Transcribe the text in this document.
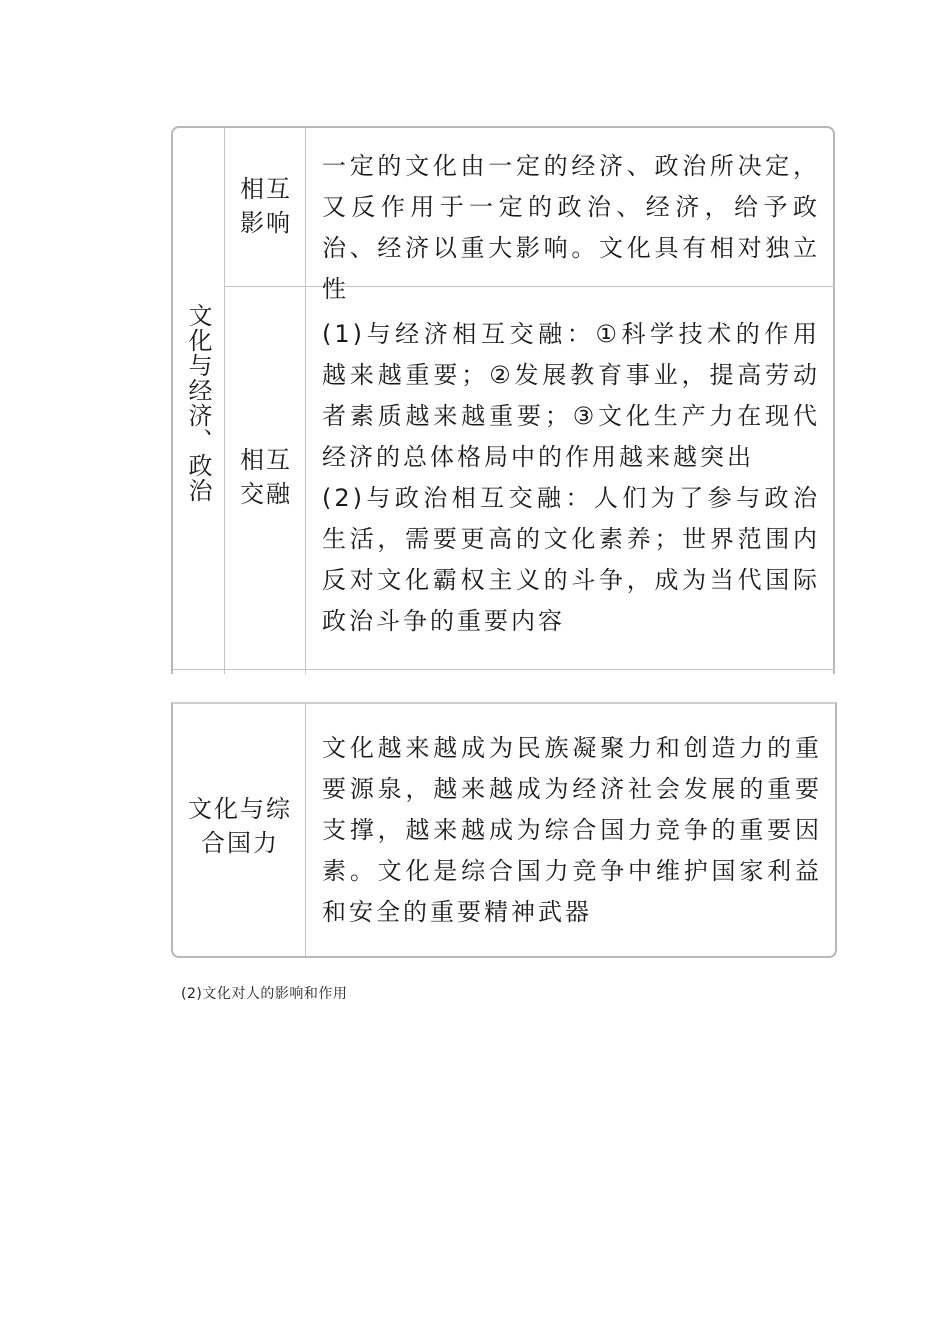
文化与经济、政治
相互
影响
一定的文化由一定的经济、政治所决定，又反作用于一定的政治、经济，给予政治、经济以重大影响。文化具有相对独立性
相互
交融

(1)与经济相互交融：①科学技术的作用越来越重要；②发展教育事业，提高劳动者素质越来越重要；③文化生产力在现代经济的总体格局中的作用越来越突出

(2)与政治相互交融：人们为了参与政治生活，需要更高的文化素养；世界范围内反对文化霸权主义的斗争，成为当代国际政治斗争的重要内容

文化与综
合国力
文化越来越成为民族凝聚力和创造力的重要源泉，越来越成为经济社会发展的重要支撑，越来越成为综合国力竞争的重要因素。文化是综合国力竞争中维护国家利益和安全的重要精神武器
(2)文化对人的影响和作用
